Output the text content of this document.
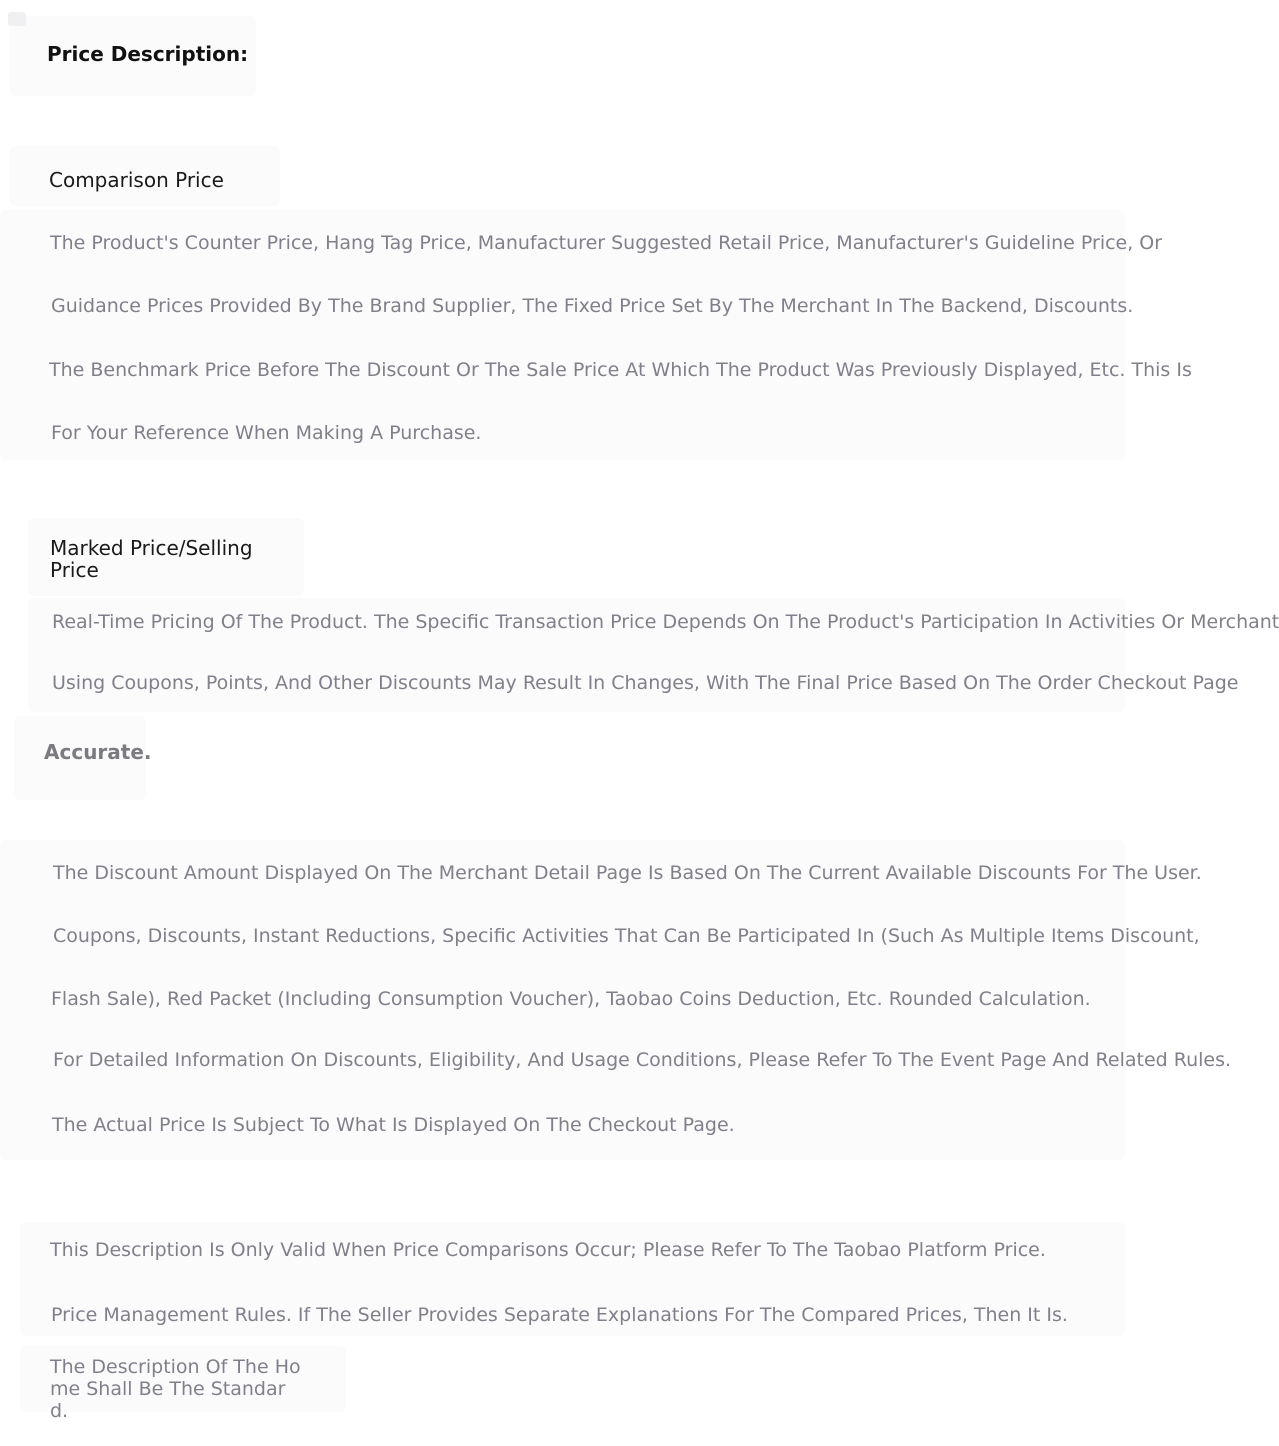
Price Description:
Comparison Price
The Product's Counter Price, Hang Tag Price, Manufacturer Suggested Retail Price, Manufacturer's Guideline Price, Or
Guidance Prices Provided By The Brand Supplier, The Fixed Price Set By The Merchant In The Backend, Discounts.
The Benchmark Price Before The Discount Or The Sale Price At Which The Product Was Previously Displayed, Etc. This Is
For Your Reference When Making A Purchase.
Marked Price/Selling Price
Real-Time Pricing Of The Product. The Specific Transaction Price Depends On The Product's Participation In Activities Or Merchant
Using Coupons, Points, And Other Discounts May Result In Changes, With The Final Price Based On The Order Checkout Page
Accurate.
The Discount Amount Displayed On The Merchant Detail Page Is Based On The Current Available Discounts For The User.
Coupons, Discounts, Instant Reductions, Specific Activities That Can Be Participated In (Such As Multiple Items Discount,
Flash Sale), Red Packet (Including Consumption Voucher), Taobao Coins Deduction, Etc. Rounded Calculation.
For Detailed Information On Discounts, Eligibility, And Usage Conditions, Please Refer To The Event Page And Related Rules.
The Actual Price Is Subject To What Is Displayed On The Checkout Page.
This Description Is Only Valid When Price Comparisons Occur; Please Refer To The Taobao Platform Price.
Price Management Rules. If The Seller Provides Separate Explanations For The Compared Prices, Then It Is.
The Description Of The Home Shall Be The Standard.
